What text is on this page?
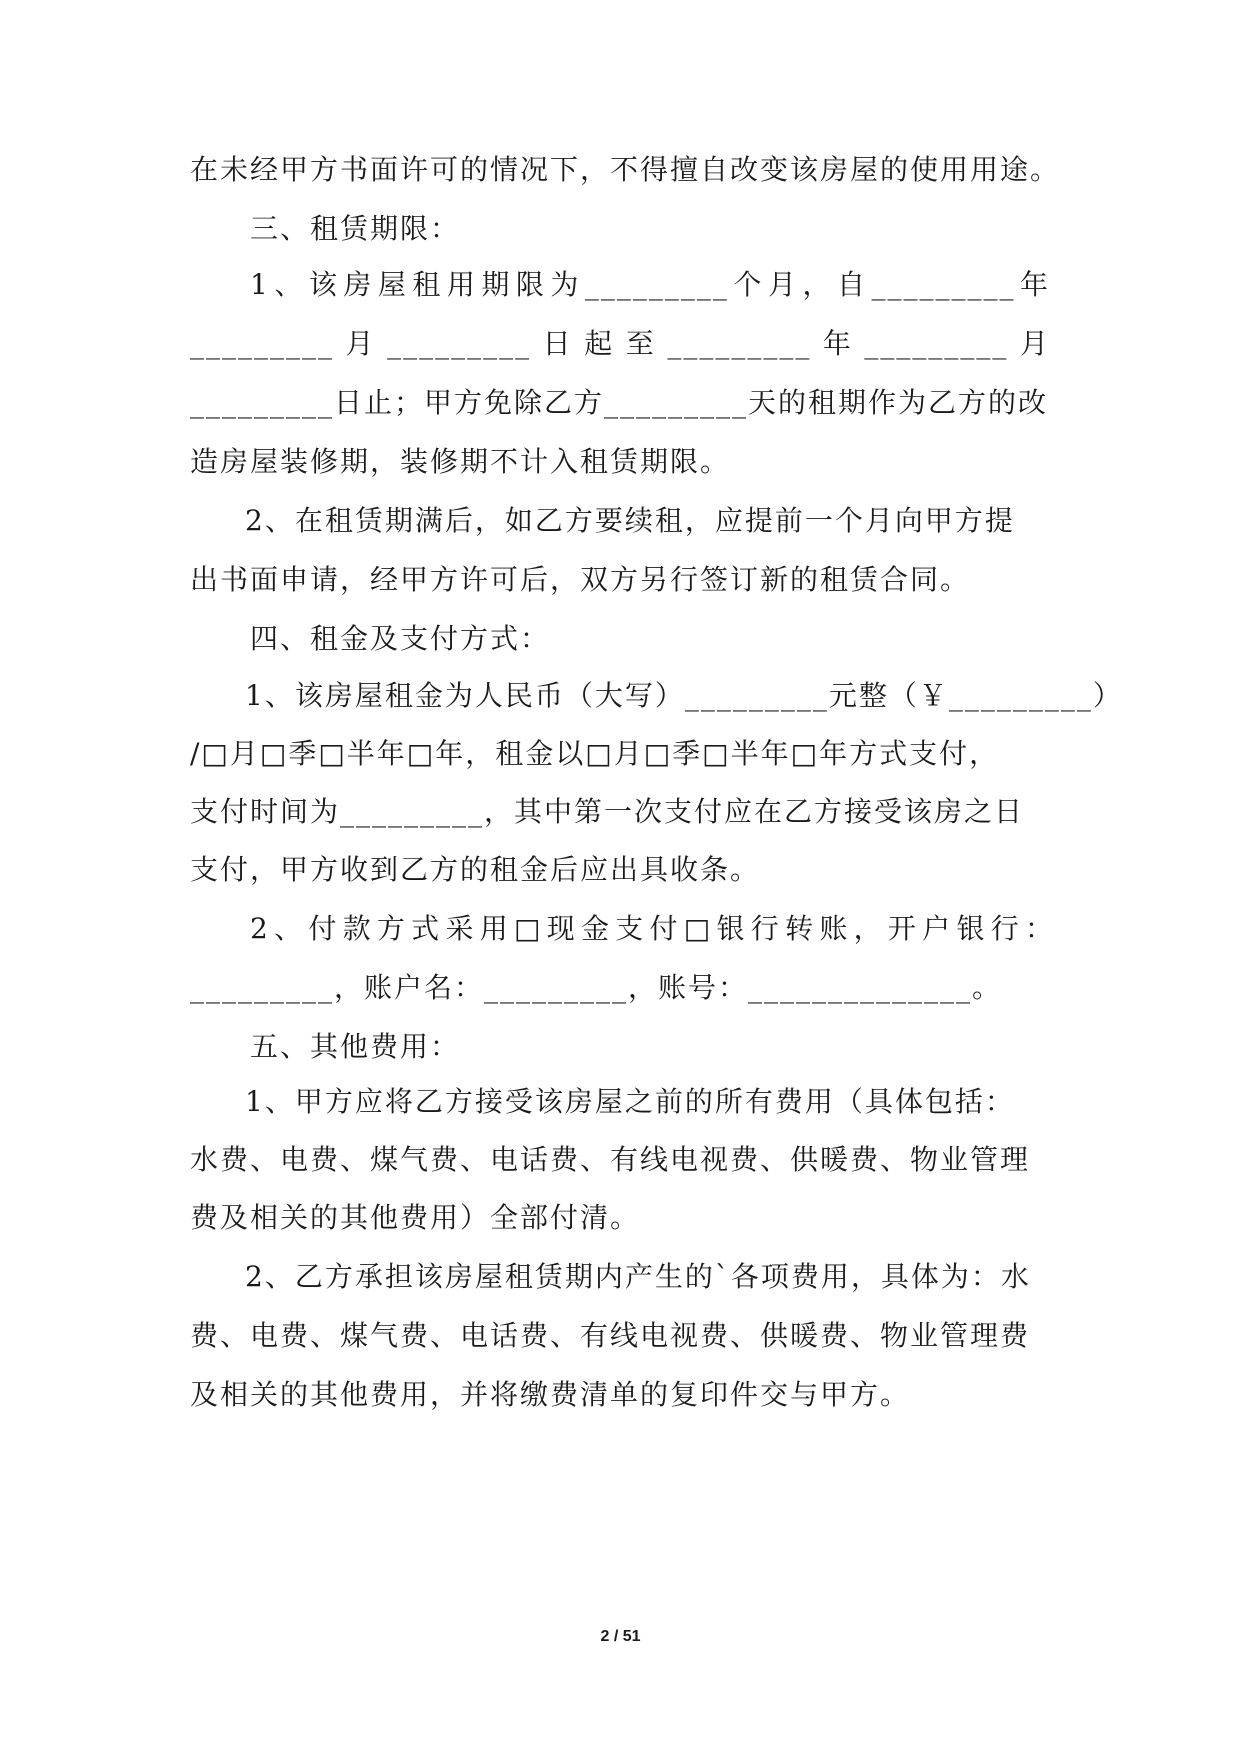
在未经甲方书面许可的情况下，不得擅自改变该房屋的使用用途。
三、租赁期限：
1、该房屋租用期限为_________个月，自_________年
_________月_________日起至_________年_________月
_________日止；甲方免除乙方_________天的租期作为乙方的改
造房屋装修期，装修期不计入租赁期限。
2、在租赁期满后，如乙方要续租，应提前一个月向甲方提
出书面申请，经甲方许可后，双方另行签订新的租赁合同。
四、租金及支付方式：
1、该房屋租金为人民币（大写）_________元整（￥_________）
/□月□季□半年□年，租金以□月□季□半年□年方式支付，
支付时间为_________，其中第一次支付应在乙方接受该房之日
支付，甲方收到乙方的租金后应出具收条。
2、付款方式采用□现金支付□银行转账，开户银行：
_________，账户名：_________，账号：______________。
五、其他费用：
1、甲方应将乙方接受该房屋之前的所有费用（具体包括：
水费、电费、煤气费、电话费、有线电视费、供暖费、物业管理
费及相关的其他费用）全部付清。
2、乙方承担该房屋租赁期内产生的`各项费用，具体为：水
费、电费、煤气费、电话费、有线电视费、供暖费、物业管理费
及相关的其他费用，并将缴费清单的复印件交与甲方。
2 / 51
